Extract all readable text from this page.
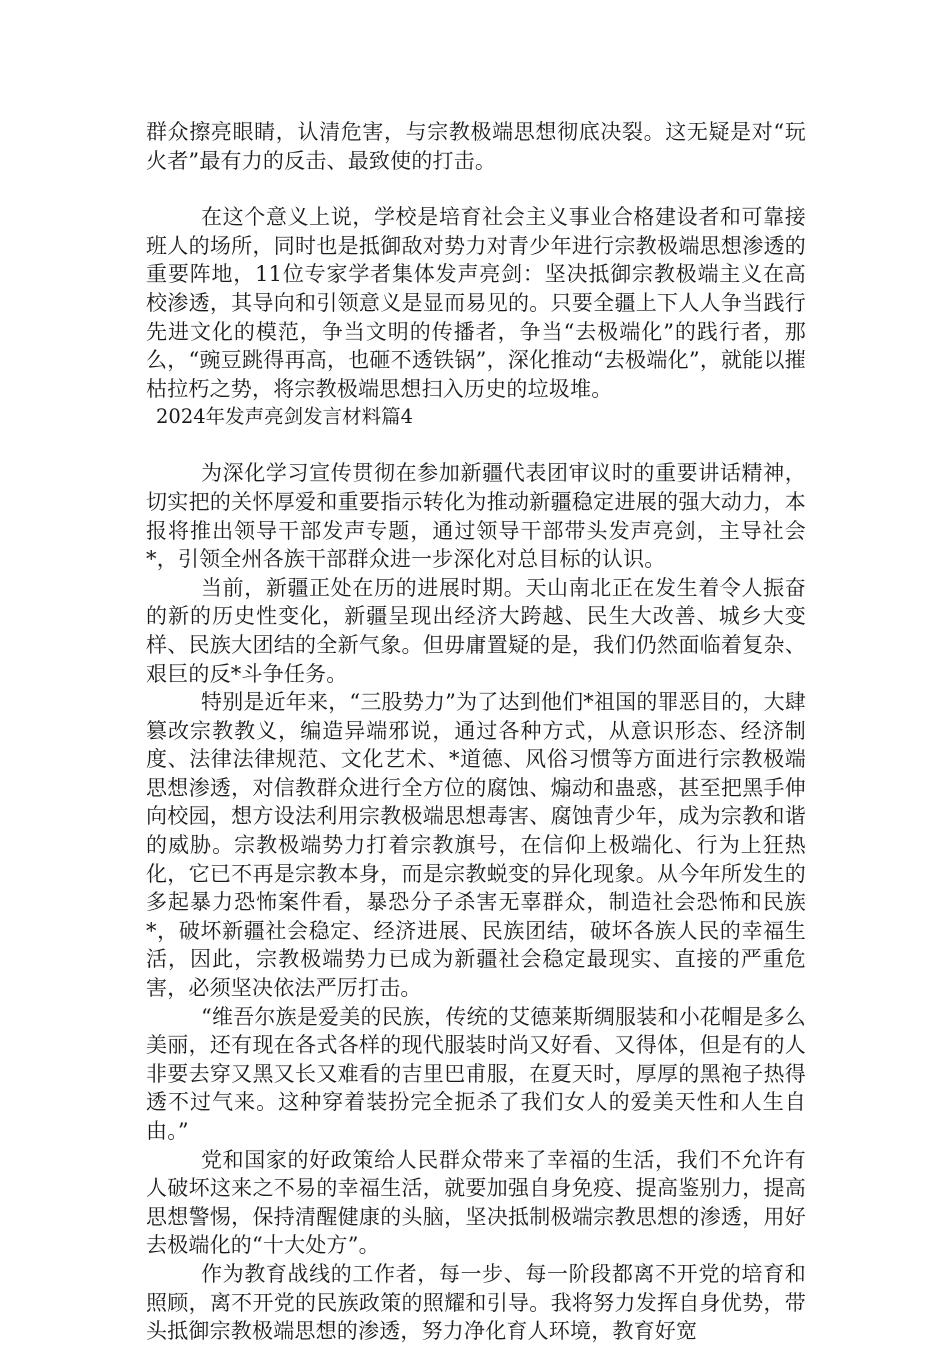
群众擦亮眼睛，认清危害，与宗教极端思想彻底决裂。这无疑是对“玩火者”最有力的反击、最致使的打击。

在这个意义上说，学校是培育社会主义事业合格建设者和可靠接班人的场所，同时也是抵御敌对势力对青少年进行宗教极端思想渗透的重要阵地，11位专家学者集体发声亮剑：坚决抵御宗教极端主义在高校渗透，其导向和引领意义是显而易见的。只要全疆上下人人争当践行先进文化的模范，争当文明的传播者，争当“去极端化”的践行者，那么，“豌豆跳得再高，也砸不透铁锅”，深化推动“去极端化”，就能以摧枯拉朽之势，将宗教极端思想扫入历史的垃圾堆。

2024年发声亮剑发言材料篇4

为深化学习宣传贯彻在参加新疆代表团审议时的重要讲话精神，切实把的关怀厚爱和重要指示转化为推动新疆稳定进展的强大动力，本报将推出领导干部发声专题，通过领导干部带头发声亮剑，主导社会*，引领全州各族干部群众进一步深化对总目标的认识。

当前，新疆正处在历的进展时期。天山南北正在发生着令人振奋的新的历史性变化，新疆呈现出经济大跨越、民生大改善、城乡大变样、民族大团结的全新气象。但毋庸置疑的是，我们仍然面临着复杂、艰巨的反*斗争任务。

特别是近年来，“三股势力”为了达到他们*祖国的罪恶目的，大肆篡改宗教教义，编造异端邪说，通过各种方式，从意识形态、经济制度、法律法律规范、文化艺术、*道德、风俗习惯等方面进行宗教极端思想渗透，对信教群众进行全方位的腐蚀、煽动和蛊惑，甚至把黑手伸向校园，想方设法利用宗教极端思想毒害、腐蚀青少年，成为宗教和谐的威胁。宗教极端势力打着宗教旗号，在信仰上极端化、行为上狂热化，它已不再是宗教本身，而是宗教蜕变的异化现象。从今年所发生的多起暴力恐怖案件看，暴恐分子杀害无辜群众，制造社会恐怖和民族*，破坏新疆社会稳定、经济进展、民族团结，破坏各族人民的幸福生活，因此，宗教极端势力已成为新疆社会稳定最现实、直接的严重危害，必须坚决依法严厉打击。

“维吾尔族是爱美的民族，传统的艾德莱斯绸服装和小花帽是多么美丽，还有现在各式各样的现代服装时尚又好看、又得体，但是有的人非要去穿又黑又长又难看的吉里巴甫服，在夏天时，厚厚的黑袍子热得透不过气来。这种穿着装扮完全扼杀了我们女人的爱美天性和人生自由。”

党和国家的好政策给人民群众带来了幸福的生活，我们不允许有人破坏这来之不易的幸福生活，就要加强自身免疫、提高鉴别力，提高思想警惕，保持清醒健康的头脑，坚决抵制极端宗教思想的渗透，用好去极端化的“十大处方”。

作为教育战线的工作者，每一步、每一阶段都离不开党的培育和照顾，离不开党的民族政策的照耀和引导。我将努力发挥自身优势，带头抵御宗教极端思想的渗透，努力净化育人环境，教育好宽
